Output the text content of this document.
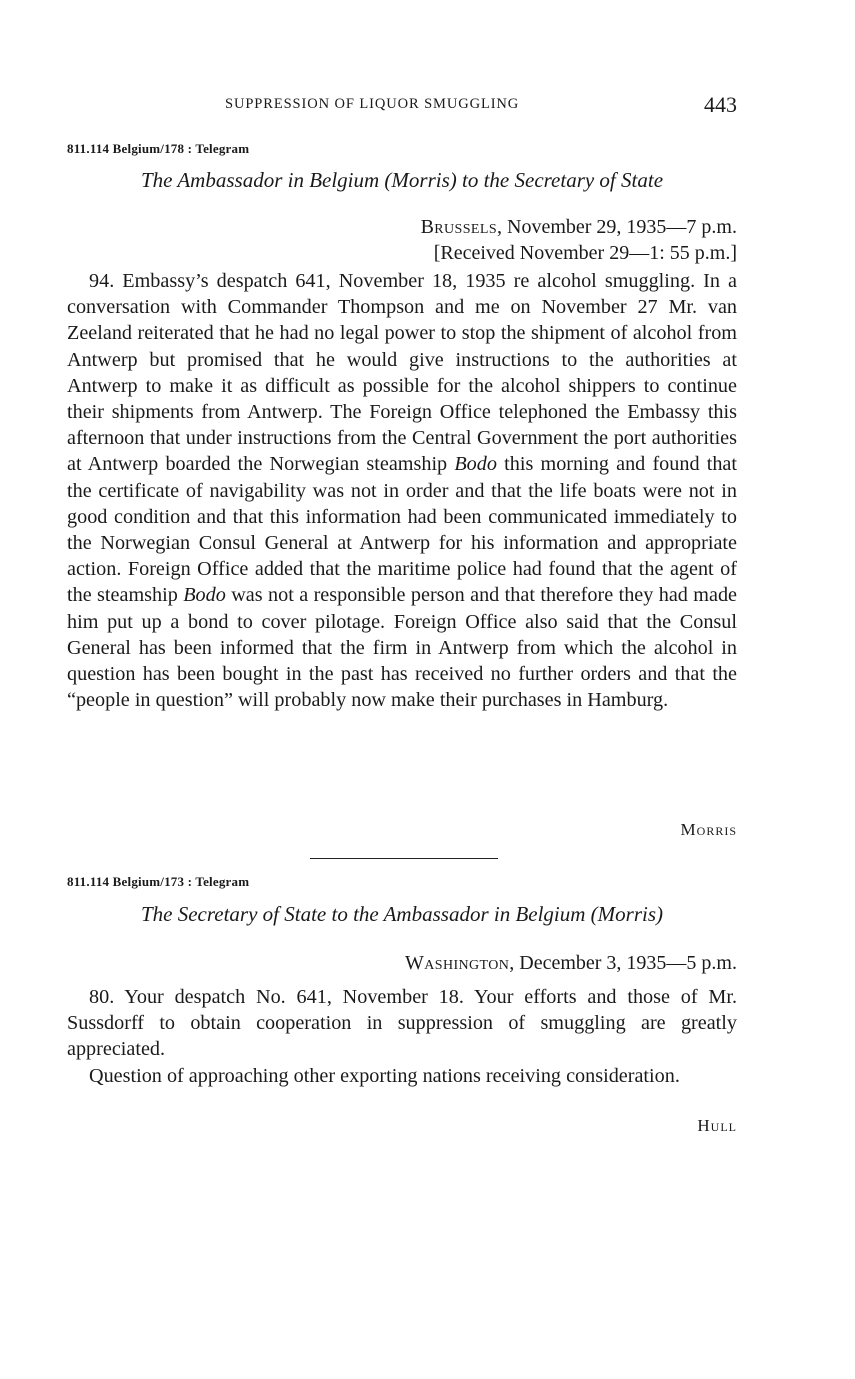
SUPPRESSION OF LIQUOR SMUGGLING	443
811.114 Belgium/178 : Telegram
The Ambassador in Belgium (Morris) to the Secretary of State
Brussels, November 29, 1935—7 p.m.
[Received November 29—1: 55 p.m.]

94. Embassy’s despatch 641, November 18, 1935 re alcohol smuggling. In a conversation with Commander Thompson and me on November 27 Mr. van Zeeland reiterated that he had no legal power to stop the shipment of alcohol from Antwerp but promised that he would give instructions to the authorities at Antwerp to make it as difficult as possible for the alcohol shippers to continue their shipments from Antwerp. The Foreign Office telephoned the Embassy this afternoon that under instructions from the Central Government the port authorities at Antwerp boarded the Norwegian steamship Bodo this morning and found that the certificate of navigability was not in order and that the life boats were not in good condition and that this information had been communicated immediately to the Norwegian Consul General at Antwerp for his information and appropriate action. Foreign Office added that the maritime police had found that the agent of the steamship Bodo was not a responsible person and that therefore they had made him put up a bond to cover pilotage. Foreign Office also said that the Consul General has been informed that the firm in Antwerp from which the alcohol in question has been bought in the past has received no further orders and that the “people in question” will probably now make their purchases in Hamburg.

Morris
811.114 Belgium/173 : Telegram
The Secretary of State to the Ambassador in Belgium (Morris)
Washington, December 3, 1935—5 p.m.

80. Your despatch No. 641, November 18. Your efforts and those of Mr. Sussdorff to obtain cooperation in suppression of smuggling are greatly appreciated.

Question of approaching other exporting nations receiving consideration.

Hull
